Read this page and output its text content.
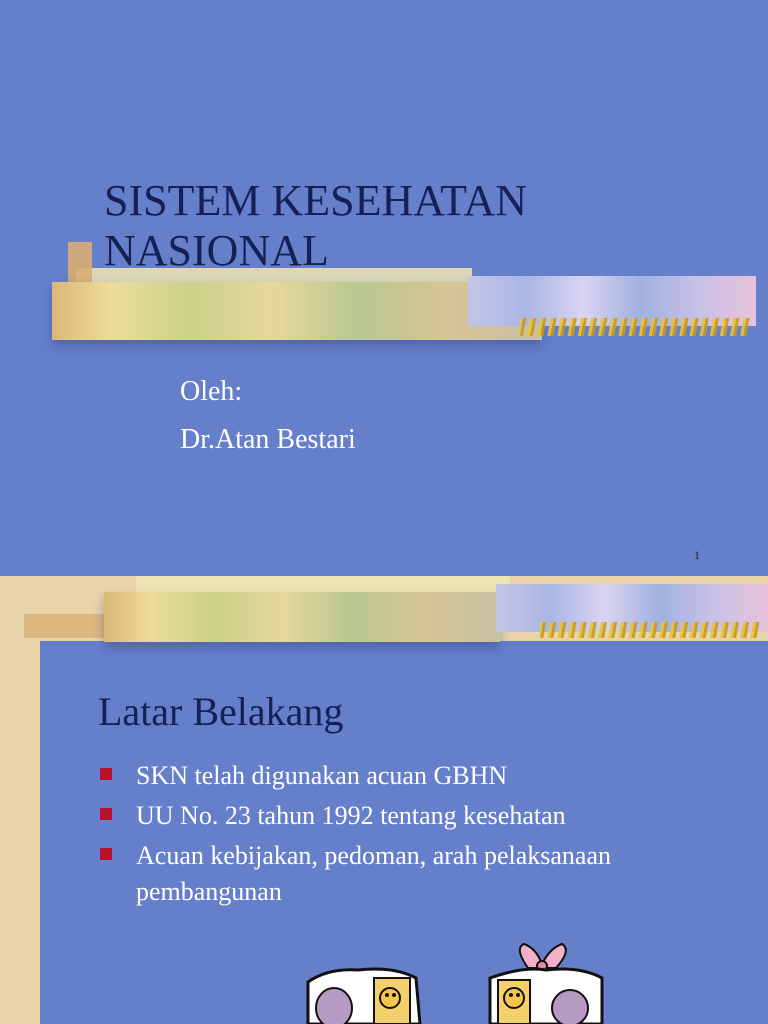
SISTEM KESEHATAN NASIONAL
Oleh:
Dr.Atan Bestari
1
Latar Belakang
SKN telah digunakan acuan GBHN
UU No. 23 tahun 1992 tentang kesehatan
Acuan kebijakan, pedoman, arah pelaksanaan pembangunan
